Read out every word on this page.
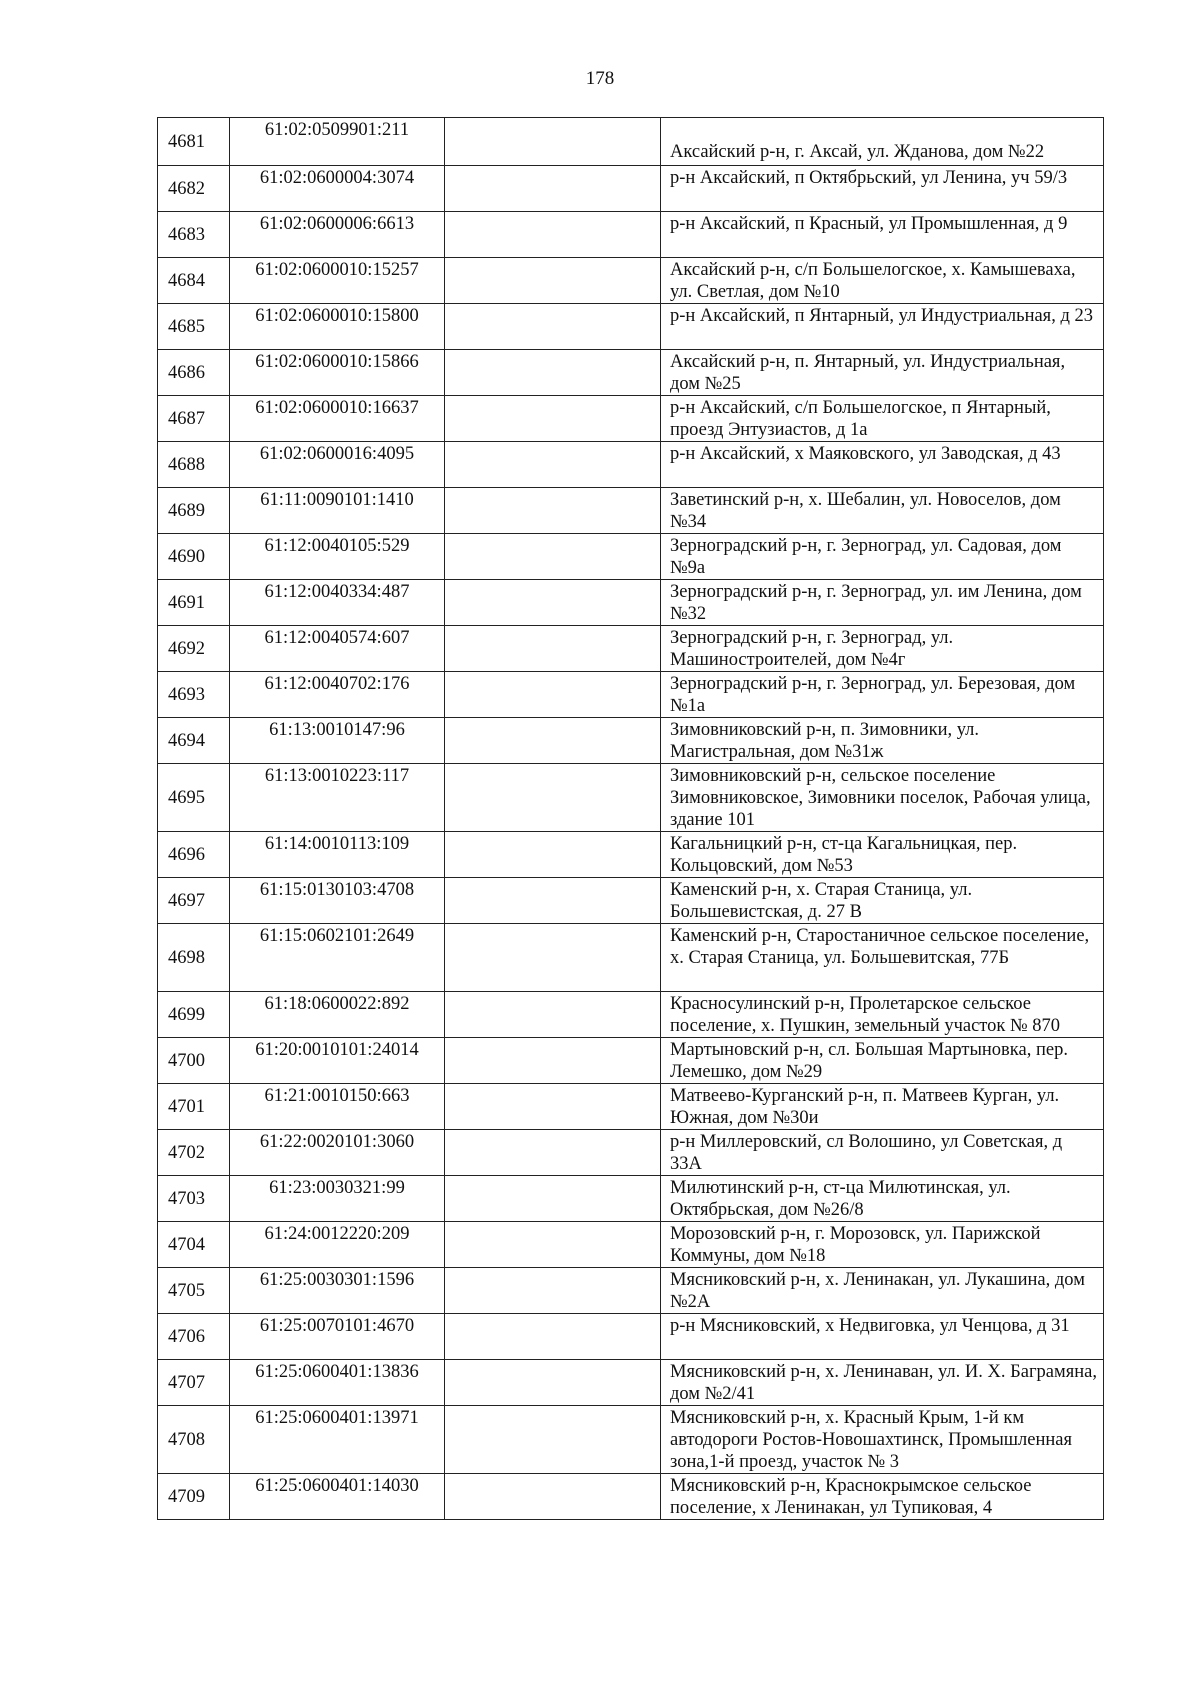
178
4681	61:02:0509901:211		Аксайский р-н, г. Аксай, ул. Жданова, дом №22
4682	61:02:0600004:3074		р-н Аксайский, п Октябрьский, ул Ленина, уч 59/3
4683	61:02:0600006:6613		р-н Аксайский, п Красный, ул Промышленная, д 9
4684	61:02:0600010:15257		Аксайский р-н, с/п Большелогское, х. Камышеваха, ул. Светлая, дом №10
4685	61:02:0600010:15800		р-н Аксайский, п Янтарный, ул Индустриальная, д 23
4686	61:02:0600010:15866		Аксайский р-н, п. Янтарный, ул. Индустриальная, дом №25
4687	61:02:0600010:16637		р-н Аксайский, с/п Большелогское, п Янтарный, проезд Энтузиастов, д 1а
4688	61:02:0600016:4095		р-н Аксайский, х Маяковского, ул Заводская, д 43
4689	61:11:0090101:1410		Заветинский р-н, х. Шебалин, ул. Новоселов, дом №34
4690	61:12:0040105:529		Зерноградский р-н, г. Зерноград, ул. Садовая, дом №9а
4691	61:12:0040334:487		Зерноградский р-н, г. Зерноград, ул. им Ленина, дом №32
4692	61:12:0040574:607		Зерноградский р-н, г. Зерноград, ул. Машиностроителей, дом №4г
4693	61:12:0040702:176		Зерноградский р-н, г. Зерноград, ул. Березовая, дом №1а
4694	61:13:0010147:96		Зимовниковский р-н, п. Зимовники, ул. Магистральная, дом №31ж
4695	61:13:0010223:117		Зимовниковский р-н, сельское поселение Зимовниковское, Зимовники поселок, Рабочая улица, здание 101
4696	61:14:0010113:109		Кагальницкий р-н, ст-ца Кагальницкая, пер. Кольцовский, дом №53
4697	61:15:0130103:4708		Каменский р-н, х. Старая Станица, ул. Большевистская, д. 27 В
4698	61:15:0602101:2649		Каменский р-н, Старостаничное сельское поселение, х. Старая Станица, ул. Большевитская, 77Б
4699	61:18:0600022:892		Красносулинский р-н, Пролетарское сельское поселение, х. Пушкин, земельный участок № 870
4700	61:20:0010101:24014		Мартыновский р-н, сл. Большая Мартыновка, пер. Лемешко, дом №29
4701	61:21:0010150:663		Матвеево-Курганский р-н, п. Матвеев Курган, ул. Южная, дом №30и
4702	61:22:0020101:3060		р-н Миллеровский, сл Волошино, ул Советская, д 33А
4703	61:23:0030321:99		Милютинский р-н, ст-ца Милютинская, ул. Октябрьская, дом №26/8
4704	61:24:0012220:209		Морозовский р-н, г. Морозовск, ул. Парижской Коммуны, дом №18
4705	61:25:0030301:1596		Мясниковский р-н, х. Ленинакан, ул. Лукашина, дом №2А
4706	61:25:0070101:4670		р-н Мясниковский, х Недвиговка, ул Ченцова, д 31
4707	61:25:0600401:13836		Мясниковский р-н, х. Ленинаван, ул. И. Х. Баграмяна, дом №2/41
4708	61:25:0600401:13971		Мясниковский р-н, х. Красный Крым, 1-й км автодороги Ростов-Новошахтинск, Промышленная зона,1-й проезд, участок № 3
4709	61:25:0600401:14030		Мясниковский р-н, Краснокрымское сельское поселение, х Ленинакан, ул Тупиковая, 4
